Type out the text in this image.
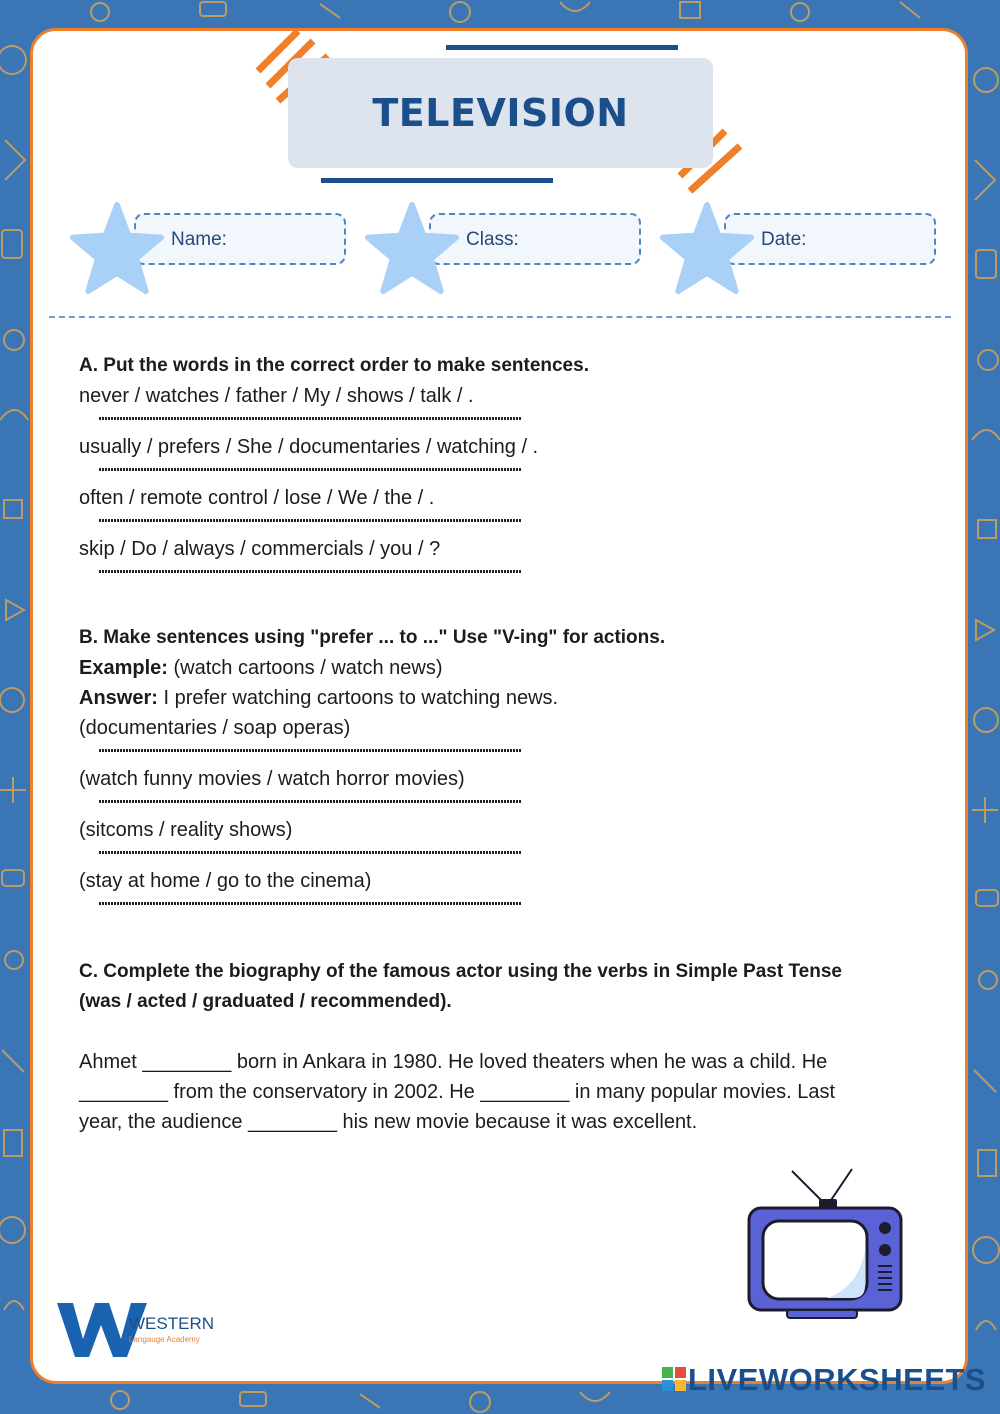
TELEVISION
Name:	Class:	Date:
A. Put the words in the correct order to make sentences.
never / watches / father / My / shows / talk / .
usually / prefers / She / documentaries / watching / .
often / remote control / lose / We / the / .
skip / Do / always / commercials / you / ?
B. Make sentences using "prefer ... to ..." Use "V-ing" for actions.
Example: (watch cartoons / watch news)
Answer: I prefer watching cartoons to watching news.
(documentaries / soap operas)
(watch funny movies / watch horror movies)
(sitcoms / reality shows)
(stay at home / go to the cinema)
C. Complete the biography of the famous actor using the verbs in Simple Past Tense
(was / acted / graduated / recommended).
Ahmet ________ born in Ankara in 1980. He loved theaters when he was a child. He
________ from the conservatory in 2002. He ________ in many popular movies. Last
year, the audience ________ his new movie because it was excellent.
WESTERN
Langauge Academy
LIVEWORKSHEETS
